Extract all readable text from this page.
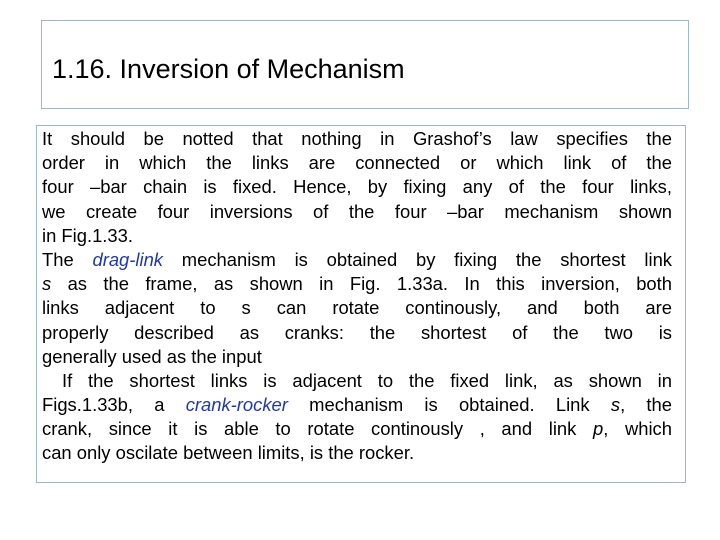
1.16. Inversion of Mechanism
It should be notted that nothing in Grashof’s law specifies the
order in which the links are connected or which link of the
four –bar chain is fixed. Hence, by fixing any of the four links,
we create four inversions of the four –bar mechanism shown
in Fig.1.33.
The drag-link mechanism is obtained by fixing the shortest link
s as the frame, as shown in Fig. 1.33a. In this inversion, both
links adjacent to s can rotate continously, and both are
properly described as cranks: the shortest of the two is
generally used as the input
If the shortest links is adjacent to the fixed link, as shown in
Figs.1.33b, a crank-rocker mechanism is obtained. Link s, the
crank, since it is able to rotate continously , and link p, which
can only oscilate between limits, is the rocker.
